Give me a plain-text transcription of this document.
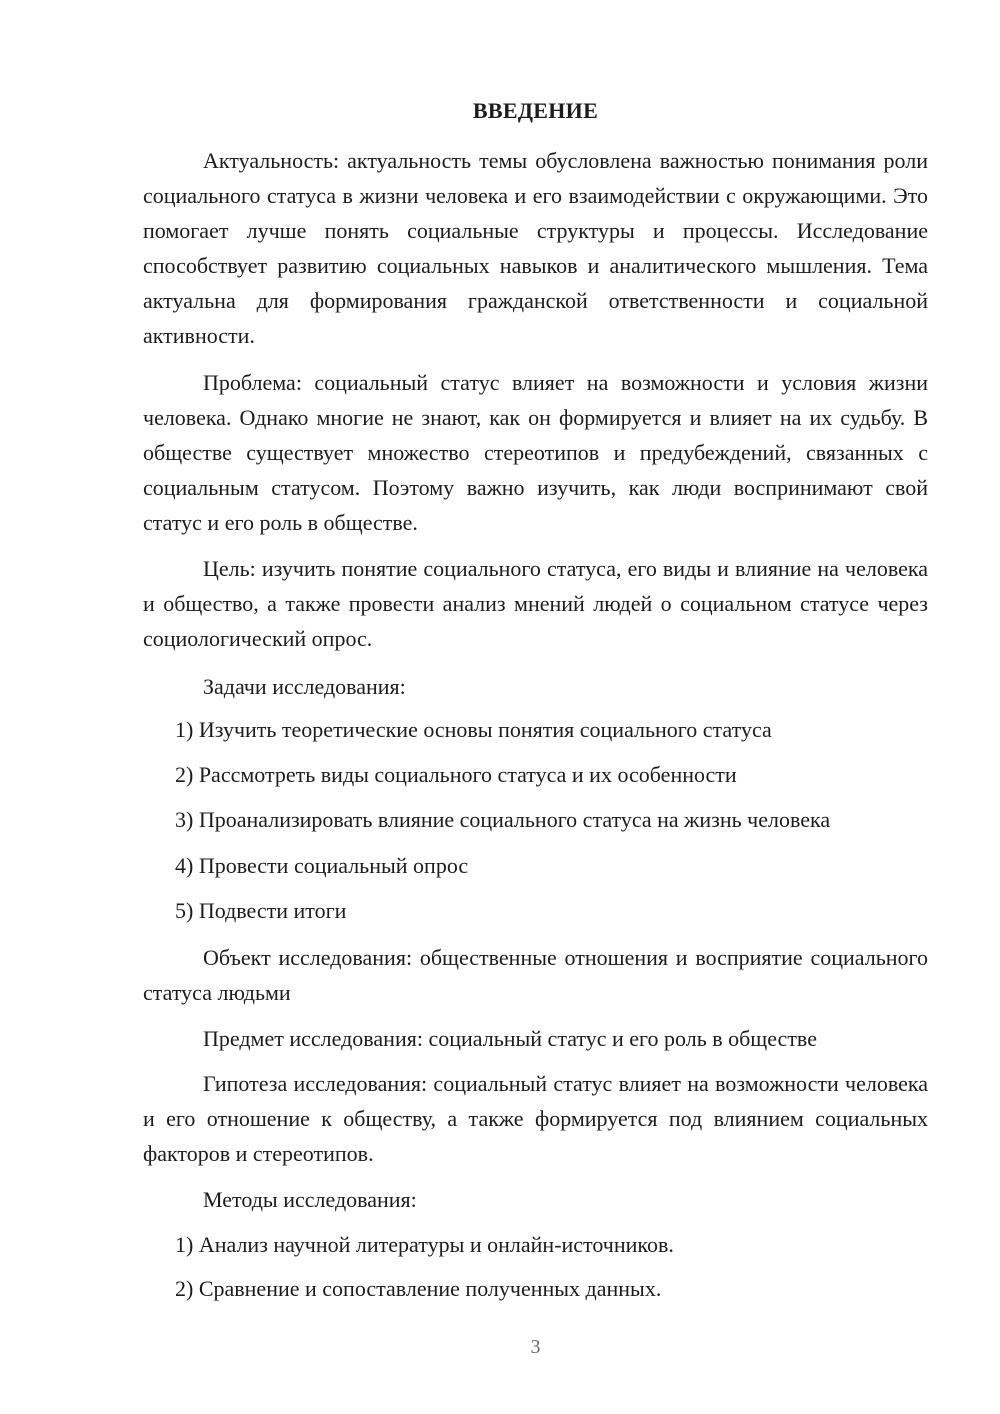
ВВЕДЕНИЕ

Актуальность: актуальность темы обусловлена важностью понимания роли социального статуса в жизни человека и его взаимодействии с окружающими. Это помогает лучше понять социальные структуры и процессы. Исследование способствует развитию социальных навыков и аналитического мышления. Тема актуальна для формирования гражданской ответственности и социальной активности.

Проблема: социальный статус влияет на возможности и условия жизни человека. Однако многие не знают, как он формируется и влияет на их судьбу. В обществе существует множество стереотипов и предубеждений, связанных с социальным статусом. Поэтому важно изучить, как люди воспринимают свой статус и его роль в обществе.

Цель: изучить понятие социального статуса, его виды и влияние на человека и общество, а также провести анализ мнений людей о социальном статусе через социологический опрос.

Задачи исследования:

1) Изучить теоретические основы понятия социального статуса

2) Рассмотреть виды социального статуса и их особенности

3) Проанализировать влияние социального статуса на жизнь человека

4) Провести социальный опрос

5) Подвести итоги

Объект исследования: общественные отношения и восприятие социального статуса людьми

Предмет исследования: социальный статус и его роль в обществе

Гипотеза исследования: социальный статус влияет на возможности человека и его отношение к обществу, а также формируется под влиянием социальных факторов и стереотипов.

Методы исследования:

1) Анализ научной литературы и онлайн-источников.

2) Сравнение и сопоставление полученных данных.

3
